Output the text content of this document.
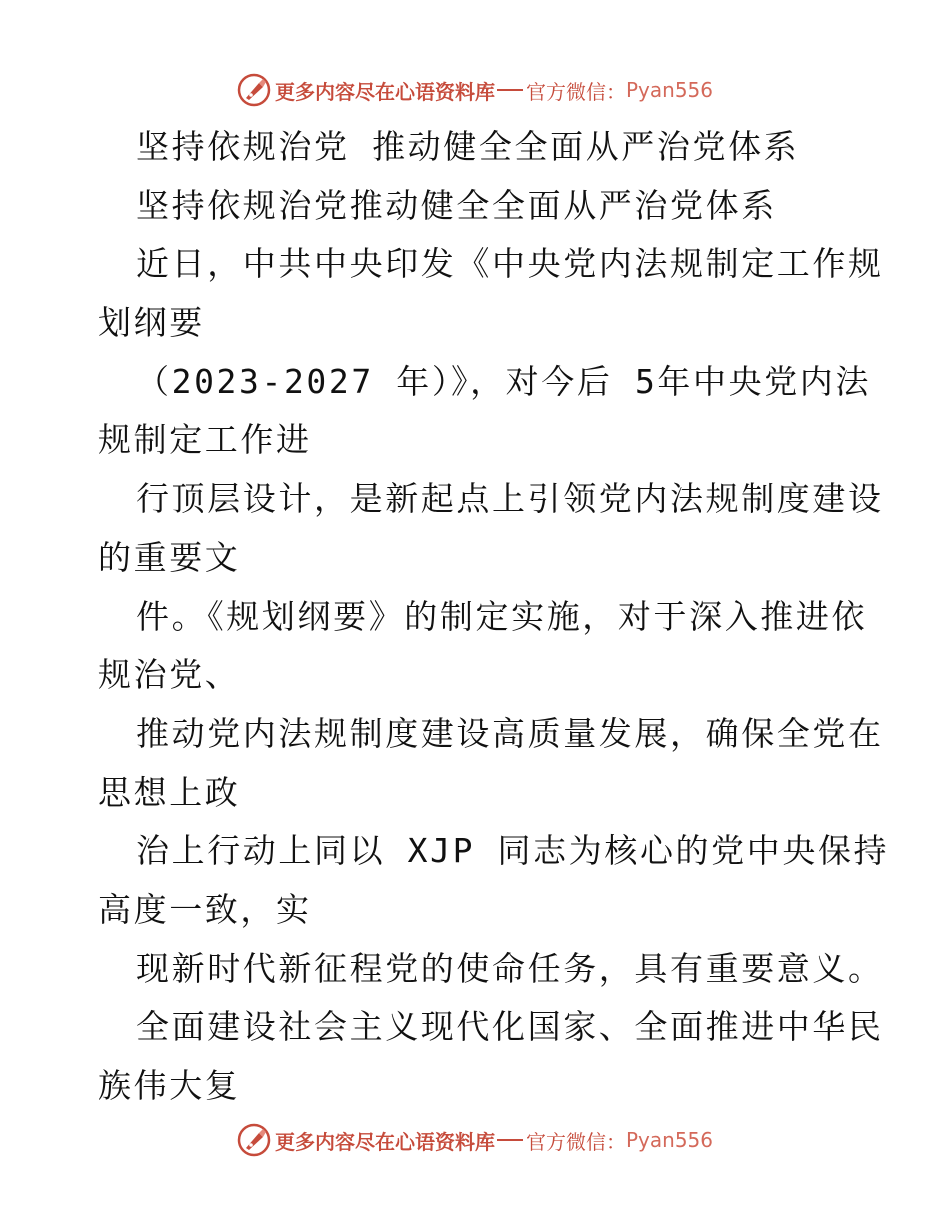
更多内容尽在心语资料库 官方微信： Pyan556
坚持依规治党 推动健全全面从严治党体系
坚持依规治党推动健全全面从严治党体系
近日，中共中央印发《中央党内法规制定工作规
划纲要
（2023-2027 年）》，对今后 5年中央党内法
规制定工作进
行顶层设计，是新起点上引领党内法规制度建设
的重要文
件。《规划纲要》的制定实施，对于深入推进依
规治党、
推动党内法规制度建设高质量发展，确保全党在
思想上政
治上行动上同以 XJP 同志为核心的党中央保持
高度一致，实
现新时代新征程党的使命任务，具有重要意义。
全面建设社会主义现代化国家、全面推进中华民
族伟大复
更多内容尽在心语资料库 官方微信： Pyan556
